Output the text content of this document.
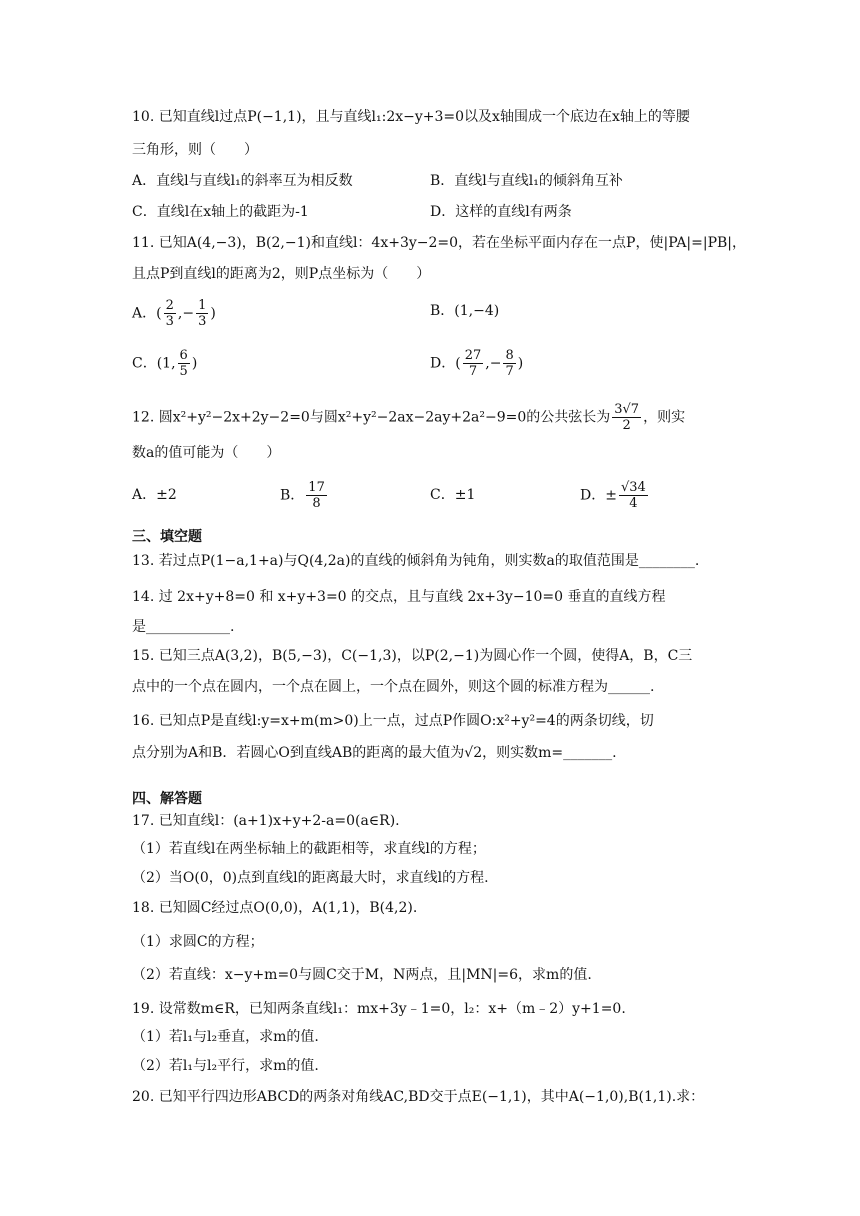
10. 已知直线l过点P(−1,1)，且与直线l₁:2x−y+3=0以及x轴围成一个底边在x轴上的等腰
三角形，则（　　）
A．直线l与直线l₁的斜率互为相反数	B．直线l与直线l₁的倾斜角互补
C．直线l在x轴上的截距为-1	D．这样的直线l有两条
11. 已知A(4,−3)，B(2,−1)和直线l：4x+3y−2=0，若在坐标平面内存在一点P，使|PA|=|PB|，
且点P到直线l的距离为2，则P点坐标为（　　）
A．( $\frac{2}{3}$ ,− $\frac{1}{3}$ )	B．(1,−4)
C．(1, $\frac{6}{5}$ )	D．( $\frac{27}{7}$ ,− $\frac{8}{7}$ )
12. 圆x²+y²−2x+2y−2=0与圆x²+y²−2ax−2ay+2a²−9=0的公共弦长为 $\frac{3√7}{2}$ ，则实
数a的值可能为（　　）
A．±2	B． $\frac{17}{8}$	C．±1	D．± $\frac{√34}{4}$
三、填空题
13. 若过点P(1−a,1+a)与Q(4,2a)的直线的倾斜角为钝角，则实数a的取值范围是________.
14. 过 2x+y+8=0 和 x+y+3=0 的交点，且与直线 2x+3y−10=0 垂直的直线方程
是____________.
15. 已知三点A(3,2)，B(5,−3)，C(−1,3)，以P(2,−1)为圆心作一个圆，使得A，B，C三
点中的一个点在圆内，一个点在圆上，一个点在圆外，则这个圆的标准方程为______.
16. 已知点P是直线l:y=x+m(m>0)上一点，过点P作圆O:x²+y²=4的两条切线，切
点分别为A和B．若圆心O到直线AB的距离的最大值为√2，则实数m=_______.
四、解答题
17. 已知直线l：(a+1)x+y+2-a=0(a∈R).
（1）若直线l在两坐标轴上的截距相等，求直线l的方程；
（2）当O(0，0)点到直线l的距离最大时，求直线l的方程.
18. 已知圆C经过点O(0,0)，A(1,1)，B(4,2).
（1）求圆C的方程；
（2）若直线：x−y+m=0与圆C交于M，N两点，且|MN|=6，求m的值.
19. 设常数m∈R，已知两条直线l₁：mx+3y﹣1=0，l₂：x+（m﹣2）y+1=0.
（1）若l₁与l₂垂直，求m的值.
（2）若l₁与l₂平行，求m的值.
20. 已知平行四边形ABCD的两条对角线AC,BD交于点E(−1,1)，其中A(−1,0),B(1,1).求：
